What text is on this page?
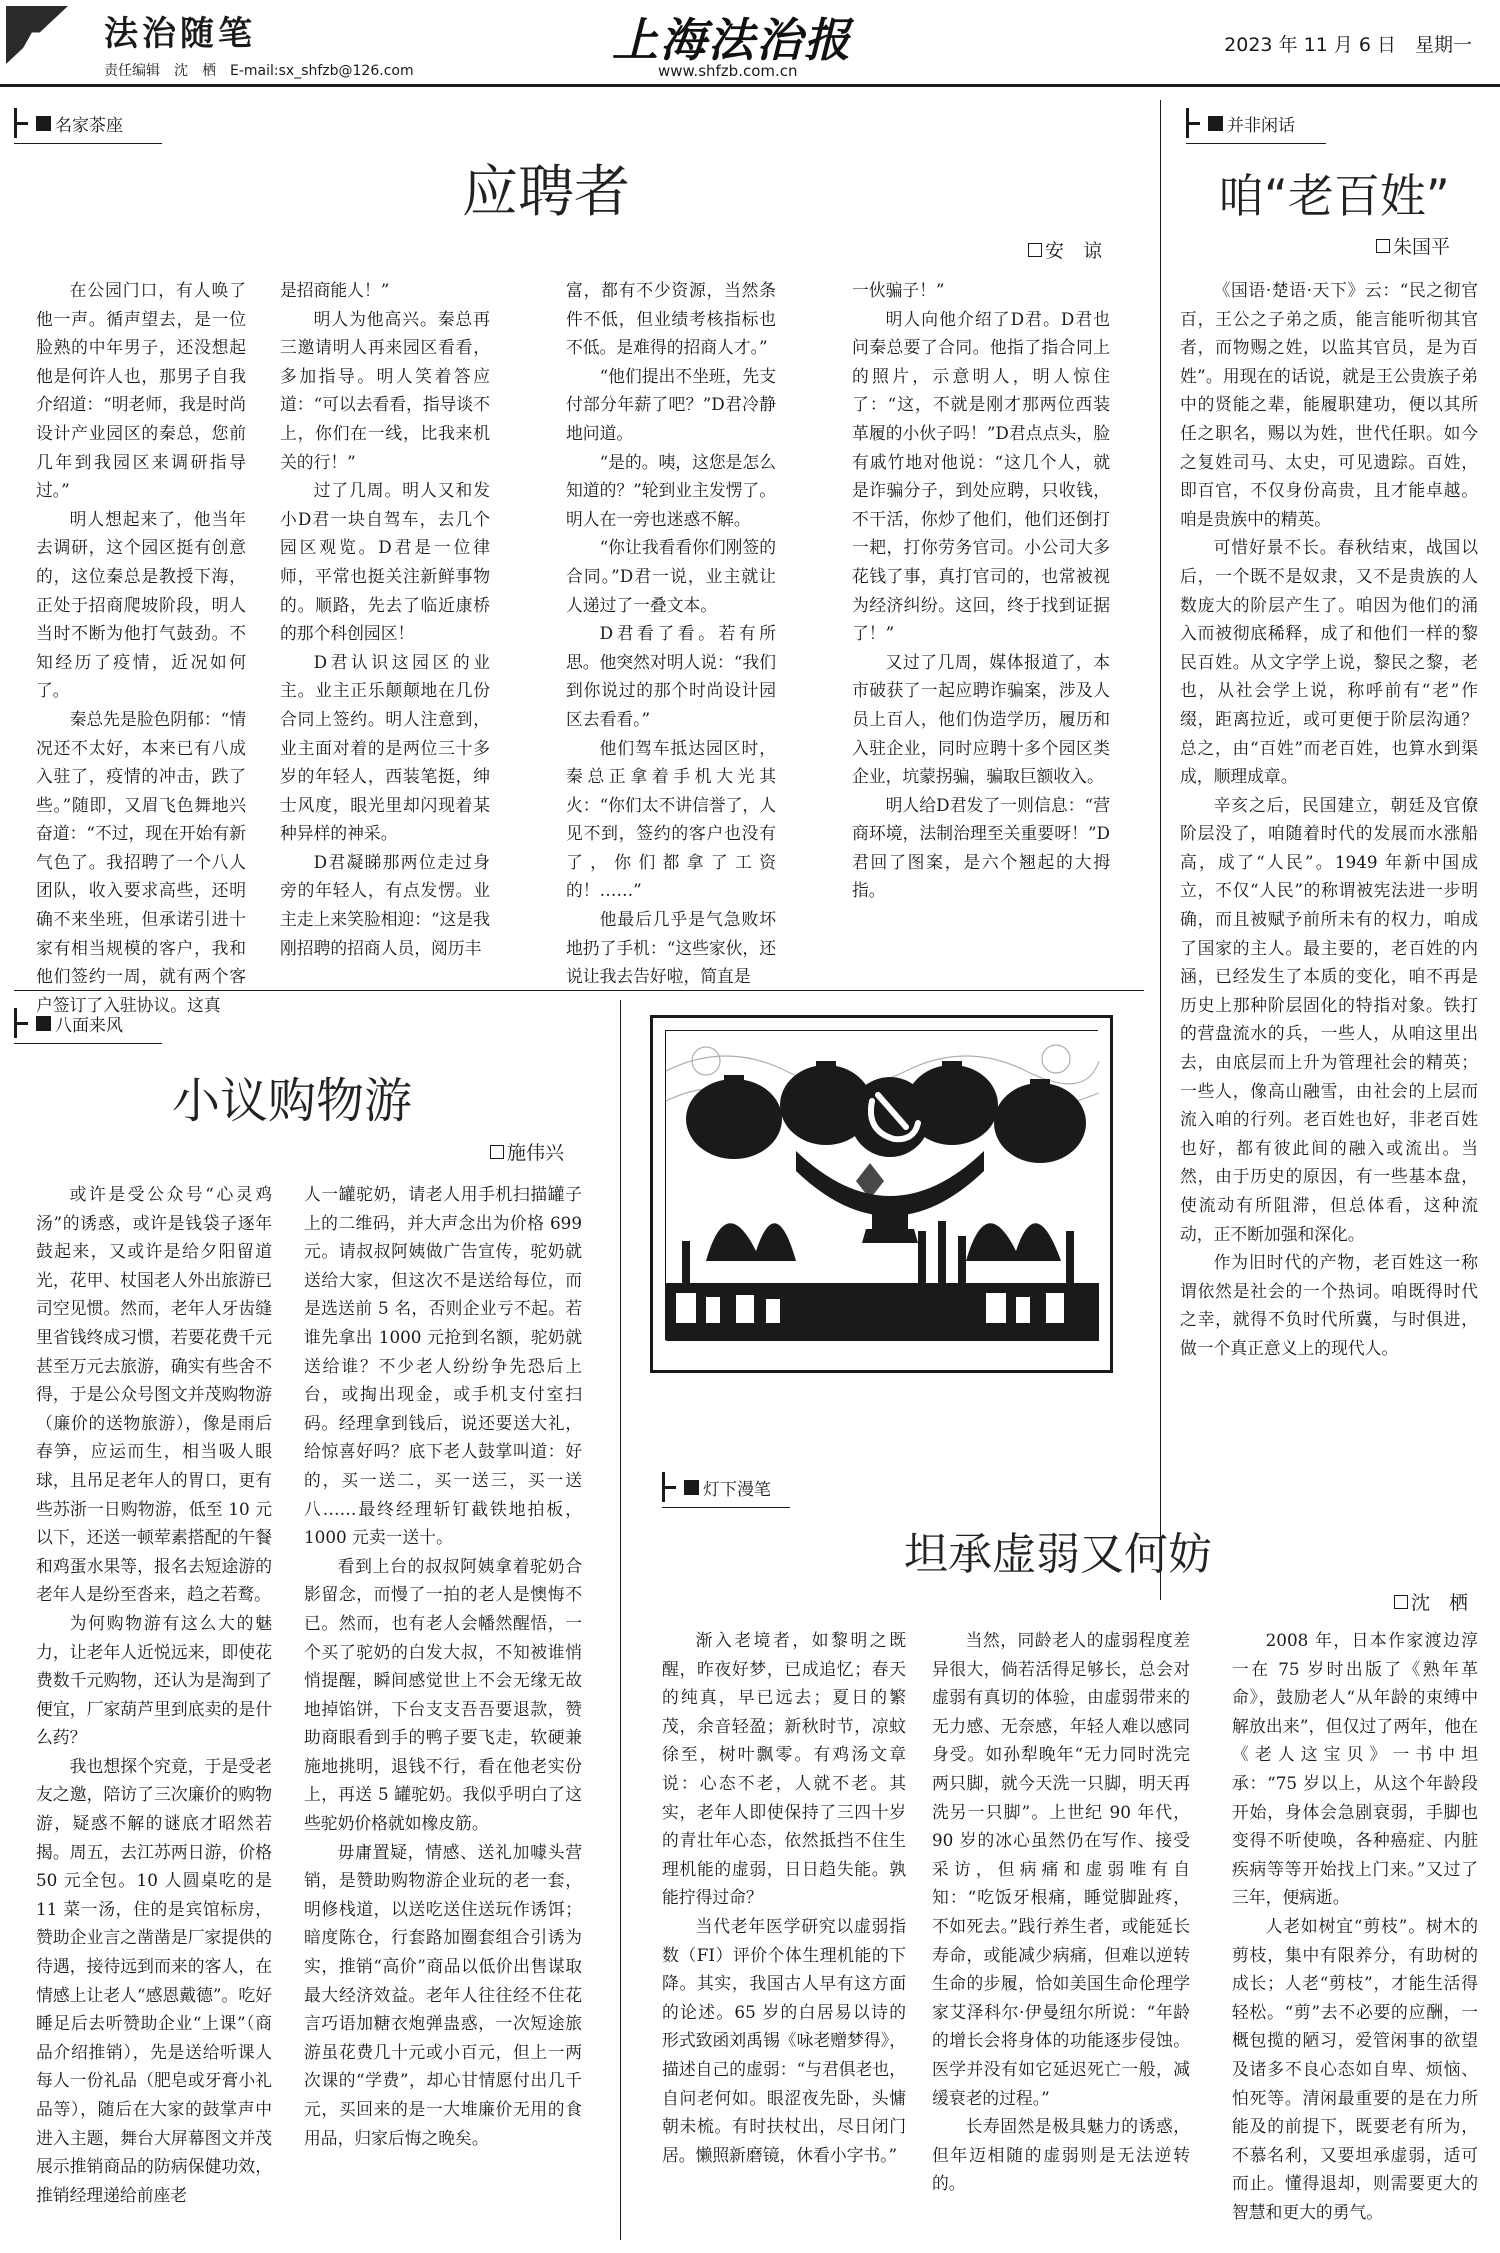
A7 法治随笔
责任编辑　沈　栖　E-mail:sx_shfzb@126.com
上海法治报
www.shfzb.com.cn
2023 年 11 月 6 日　星期一
名家茶座
应聘者
安　谅

在公园门口，有人唤了他一声。循声望去，是一位脸熟的中年男子，还没想起他是何许人也，那男子自我介绍道：“明老师，我是时尚设计产业园区的秦总，您前几年到我园区来调研指导过。”

明人想起来了，他当年去调研，这个园区挺有创意的，这位秦总是教授下海，正处于招商爬坡阶段，明人当时不断为他打气鼓劲。不知经历了疫情，近况如何了。

秦总先是脸色阴郁：“情况还不太好，本来已有八成入驻了，疫情的冲击，跌了些。”随即，又眉飞色舞地兴奋道：“不过，现在开始有新气色了。我招聘了一个八人团队，收入要求高些，还明确不来坐班，但承诺引进十家有相当规模的客户，我和他们签约一周，就有两个客户签订了入驻协议。这真

是招商能人！”

明人为他高兴。秦总再三邀请明人再来园区看看，多加指导。明人笑着答应道：“可以去看看，指导谈不上，你们在一线，比我来机关的行！”

过了几周。明人又和发小D君一块自驾车，去几个园区观览。D君是一位律师，平常也挺关注新鲜事物的。顺路，先去了临近康桥的那个科创园区！

D君认识这园区的业主。业主正乐颠颠地在几份合同上签约。明人注意到，业主面对着的是两位三十多岁的年轻人，西装笔挺，绅士风度，眼光里却闪现着某种异样的神采。

D君凝睇那两位走过身旁的年轻人，有点发愣。业主走上来笑脸相迎：“这是我刚招聘的招商人员，阅历丰

富，都有不少资源，当然条件不低，但业绩考核指标也不低。是难得的招商人才。”

“他们提出不坐班，先支付部分年薪了吧？”D君冷静地问道。

“是的。咦，这您是怎么知道的？”轮到业主发愣了。明人在一旁也迷惑不解。

“你让我看看你们刚签的合同。”D君一说，业主就让人递过了一叠文本。

D君看了看。若有所思。他突然对明人说：“我们到你说过的那个时尚设计园区去看看。”

他们驾车抵达园区时，秦总正拿着手机大光其火：“你们太不讲信誉了，人见不到，签约的客户也没有了，你们都拿了工资的！……”

他最后几乎是气急败坏地扔了手机：“这些家伙，还说让我去告好啦，简直是

一伙骗子！”

明人向他介绍了D君。D君也问秦总要了合同。他指了指合同上的照片，示意明人，明人惊住了：“这，不就是刚才那两位西装革履的小伙子吗！”D君点点头，脸有戚竹地对他说：“这几个人，就是诈骗分子，到处应聘，只收钱，不干活，你炒了他们，他们还倒打一耙，打你劳务官司。小公司大多花钱了事，真打官司的，也常被视为经济纠纷。这回，终于找到证据了！”

又过了几周，媒体报道了，本市破获了一起应聘诈骗案，涉及人员上百人，他们伪造学历，履历和入驻企业，同时应聘十多个园区类企业，坑蒙拐骗，骗取巨额收入。

明人给D君发了一则信息：“营商环境，法制治理至关重要呀！”D君回了图案，是六个翘起的大拇指。

并非闲话
咱“老百姓”
朱国平

《国语·楚语·天下》云：“民之彻官百，王公之子弟之质，能言能听彻其官者，而物赐之姓，以监其官员，是为百姓”。用现在的话说，就是王公贵族子弟中的贤能之辈，能履职建功，便以其所任之职名，赐以为姓，世代任职。如今之复姓司马、太史，可见遗踪。百姓，即百官，不仅身份高贵，且才能卓越。咱是贵族中的精英。

可惜好景不长。春秋结束，战国以后，一个既不是奴隶，又不是贵族的人数庞大的阶层产生了。咱因为他们的涌入而被彻底稀释，成了和他们一样的黎民百姓。从文字学上说，黎民之黎，老也，从社会学上说，称呼前有“老”作缀，距离拉近，或可更便于阶层沟通？总之，由“百姓”而老百姓，也算水到渠成，顺理成章。

辛亥之后，民国建立，朝廷及官僚阶层没了，咱随着时代的发展而水涨船高，成了“人民”。1949 年新中国成立，不仅“人民”的称谓被宪法进一步明确，而且被赋予前所未有的权力，咱成了国家的主人。最主要的，老百姓的内涵，已经发生了本质的变化，咱不再是历史上那种阶层固化的特指对象。铁打的营盘流水的兵，一些人，从咱这里出去，由底层而上升为管理社会的精英；一些人，像高山融雪，由社会的上层而流入咱的行列。老百姓也好，非老百姓也好，都有彼此间的融入或流出。当然，由于历史的原因，有一些基本盘，使流动有所阻滞，但总体看，这种流动，正不断加强和深化。

作为旧时代的产物，老百姓这一称谓依然是社会的一个热词。咱既得时代之幸，就得不负时代所冀，与时俱进，做一个真正意义上的现代人。

八面来风
小议购物游
施伟兴

或许是受公众号“心灵鸡汤”的诱惑，或许是钱袋子逐年鼓起来，又或许是给夕阳留道光，花甲、杖国老人外出旅游已司空见惯。然而，老年人牙齿缝里省钱终成习惯，若要花费千元甚至万元去旅游，确实有些舍不得，于是公众号图文并茂购物游（廉价的送物旅游），像是雨后春笋，应运而生，相当吸人眼球，且吊足老年人的胃口，更有些苏浙一日购物游，低至 10 元以下，还送一顿荤素搭配的午餐和鸡蛋水果等，报名去短途游的老年人是纷至沓来，趋之若鹜。

为何购物游有这么大的魅力，让老年人近悦远来，即使花费数千元购物，还认为是淘到了便宜，厂家葫芦里到底卖的是什么药？

我也想探个究竟，于是受老友之邀，陪访了三次廉价的购物游，疑惑不解的谜底才昭然若揭。周五，去江苏两日游，价格 50 元全包。10 人圆桌吃的是 11 菜一汤，住的是宾馆标房，赞助企业言之凿凿是厂家提供的待遇，接待远到而来的客人，在情感上让老人“感恩戴德”。吃好睡足后去听赞助企业“上课”（商品介绍推销），先是送给听课人每人一份礼品（肥皂或牙膏小礼品等），随后在大家的鼓掌声中进入主题，舞台大屏幕图文并茂展示推销商品的防病保健功效，推销经理递给前座老

人一罐驼奶，请老人用手机扫描罐子上的二维码，并大声念出为价格 699 元。请叔叔阿姨做广告宣传，驼奶就送给大家，但这次不是送给每位，而是选送前 5 名，否则企业亏不起。若谁先拿出 1000 元抢到名额，驼奶就送给谁？不少老人纷纷争先恐后上台，或掏出现金，或手机支付室扫码。经理拿到钱后，说还要送大礼，给惊喜好吗？底下老人鼓掌叫道：好的，买一送二，买一送三，买一送八……最终经理斩钉截铁地拍板，1000 元卖一送十。

看到上台的叔叔阿姨拿着驼奶合影留念，而慢了一拍的老人是懊悔不已。然而，也有老人会幡然醒悟，一个买了驼奶的白发大叔，不知被谁悄悄提醒，瞬间感觉世上不会无缘无故地掉馅饼，下台支支吾吾要退款，赞助商眼看到手的鸭子要飞走，软硬兼施地挑明，退钱不行，看在他老实份上，再送 5 罐驼奶。我似乎明白了这些驼奶价格就如橡皮筋。

毋庸置疑，情感、送礼加噱头营销，是赞助购物游企业玩的老一套，明修栈道，以送吃送住送玩作诱饵；暗度陈仓，行套路加圈套组合引诱为实，推销“高价”商品以低价出售谋取最大经济效益。老年人往往经不住花言巧语加糖衣炮弹蛊惑，一次短途旅游虽花费几十元或小百元，但上一两次课的“学费”，却心甘情愿付出几千元，买回来的是一大堆廉价无用的食用品，归家后悔之晚矣。

灯下漫笔
坦承虚弱又何妨
沈　栖

渐入老境者，如黎明之既醒，昨夜好梦，已成追忆；春天的纯真，早已远去；夏日的繁茂，余音轻盈；新秋时节，凉蚊徐至，树叶飘零。有鸡汤文章说：心态不老，人就不老。其实，老年人即使保持了三四十岁的青壮年心态，依然抵挡不住生理机能的虚弱，日日趋失能。孰能拧得过命？

当代老年医学研究以虚弱指数（FI）评价个体生理机能的下降。其实，我国古人早有这方面的论述。65 岁的白居易以诗的形式致函刘禹锡《咏老赠梦得》，描述自己的虚弱：“与君俱老也，自问老何如。眼涩夜先卧，头慵朝未梳。有时扶杖出，尽日闭门居。懒照新磨镜，休看小字书。”

当然，同龄老人的虚弱程度差异很大，倘若活得足够长，总会对虚弱有真切的体验，由虚弱带来的无力感、无奈感，年轻人难以感同身受。如孙犁晚年“无力同时洗完两只脚，就今天洗一只脚，明天再洗另一只脚”。上世纪 90 年代，90 岁的冰心虽然仍在写作、接受采访，但病痛和虚弱唯有自知：“吃饭牙根痛，睡觉脚趾疼，不如死去。”践行养生者，或能延长寿命，或能减少病痛，但难以逆转生命的步履，恰如美国生命伦理学家艾泽科尔·伊曼纽尔所说：“年龄的增长会将身体的功能逐步侵蚀。医学并没有如它延迟死亡一般，减缓衰老的过程。”

长寿固然是极具魅力的诱惑，但年迈相随的虚弱则是无法逆转的。

2008 年，日本作家渡边淳一在 75 岁时出版了《熟年革命》，鼓励老人“从年龄的束缚中解放出来”，但仅过了两年，他在《老人这宝贝》一书中坦承：“75 岁以上，从这个年龄段开始，身体会急剧衰弱，手脚也变得不听使唤，各种癌症、内脏疾病等等开始找上门来。”又过了三年，便病逝。

人老如树宜“剪枝”。树木的剪枝，集中有限养分，有助树的成长；人老“剪枝”，才能生活得轻松。“剪”去不必要的应酬，一概包揽的陋习，爱管闲事的欲望及诸多不良心态如自卑、烦恼、怕死等。清闲最重要的是在力所能及的前提下，既要老有所为，不慕名利，又要坦承虚弱，适可而止。懂得退却，则需要更大的智慧和更大的勇气。
